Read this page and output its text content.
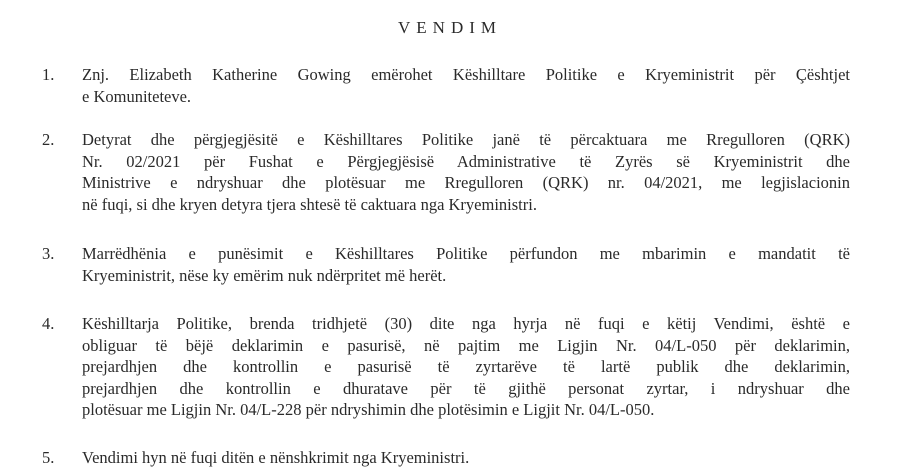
VENDIM
1. Znj. Elizabeth Katherine Gowing emërohet Këshilltare Politike e Kryeministrit për Çështjet
e Komuniteteve.
2. Detyrat dhe përgjegjësitë e Këshilltares Politike janë të përcaktuara me Rregulloren (QRK)
Nr. 02/2021 për Fushat e Përgjegjësisë Administrative të Zyrës së Kryeministrit dhe
Ministrive e ndryshuar dhe plotësuar me Rregulloren (QRK) nr. 04/2021, me legjislacionin
në fuqi, si dhe kryen detyra tjera shtesë të caktuara nga Kryeministri.
3. Marrëdhënia e punësimit e Këshilltares Politike përfundon me mbarimin e mandatit të
Kryeministrit, nëse ky emërim nuk ndërpritet më herët.
4. Këshilltarja Politike, brenda tridhjetë (30) dite nga hyrja në fuqi e këtij Vendimi, është e
obliguar të bëjë deklarimin e pasurisë, në pajtim me Ligjin Nr. 04/L-050 për deklarimin,
prejardhjen dhe kontrollin e pasurisë të zyrtarëve të lartë publik dhe deklarimin,
prejardhjen dhe kontrollin e dhuratave për të gjithë personat zyrtar, i ndryshuar dhe
plotësuar me Ligjin Nr. 04/L-228 për ndryshimin dhe plotësimin e Ligjit Nr. 04/L-050.
5. Vendimi hyn në fuqi ditën e nënshkrimit nga Kryeministri.
